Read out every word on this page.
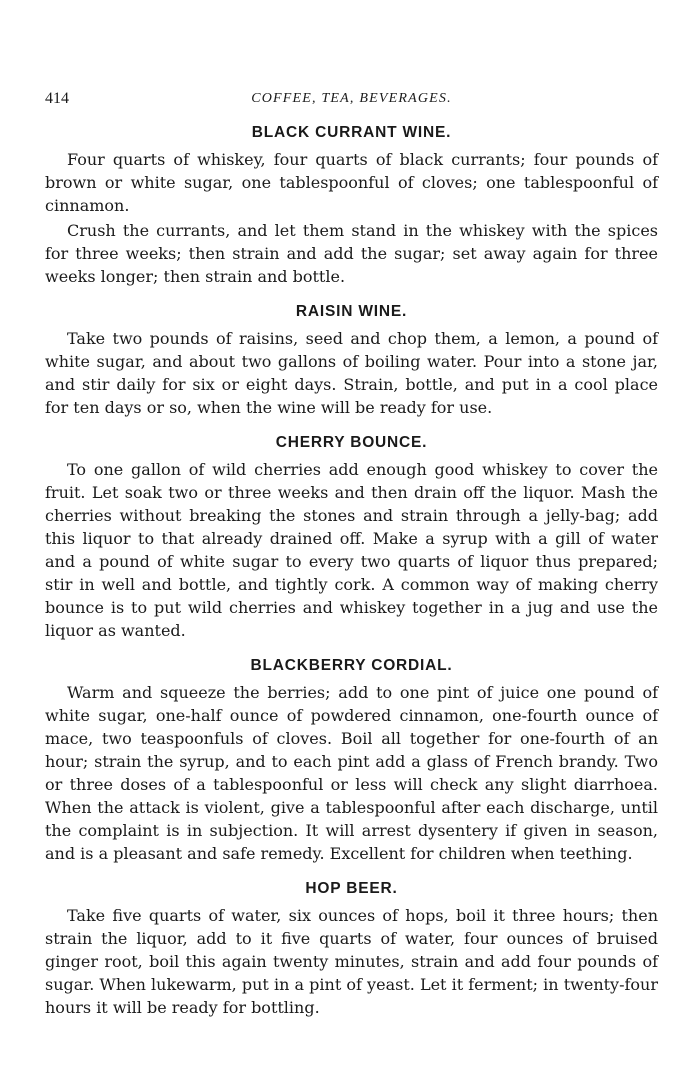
414	COFFEE, TEA, BEVERAGES.
BLACK CURRANT WINE.

Four quarts of whiskey, four quarts of black currants; four pounds of brown or white sugar, one tablespoonful of cloves; one tablespoonful of cinnamon.

Crush the currants, and let them stand in the whiskey with the spices for three weeks; then strain and add the sugar; set away again for three weeks longer; then strain and bottle.

RAISIN WINE.

Take two pounds of raisins, seed and chop them, a lemon, a pound of white sugar, and about two gallons of boiling water. Pour into a stone jar, and stir daily for six or eight days. Strain, bottle, and put in a cool place for ten days or so, when the wine will be ready for use.

CHERRY BOUNCE.

To one gallon of wild cherries add enough good whiskey to cover the fruit. Let soak two or three weeks and then drain off the liquor. Mash the cherries without breaking the stones and strain through a jelly-bag; add this liquor to that already drained off. Make a syrup with a gill of water and a pound of white sugar to every two quarts of liquor thus prepared; stir in well and bottle, and tightly cork. A common way of making cherry bounce is to put wild cherries and whiskey together in a jug and use the liquor as wanted.

BLACKBERRY CORDIAL.

Warm and squeeze the berries; add to one pint of juice one pound of white sugar, one-half ounce of powdered cinnamon, one-fourth ounce of mace, two teaspoonfuls of cloves. Boil all together for one-fourth of an hour; strain the syrup, and to each pint add a glass of French brandy. Two or three doses of a tablespoonful or less will check any slight diarrhoea. When the attack is violent, give a tablespoonful after each discharge, until the complaint is in subjection. It will arrest dysentery if given in season, and is a pleasant and safe remedy. Excellent for children when teething.

HOP BEER.

Take five quarts of water, six ounces of hops, boil it three hours; then strain the liquor, add to it five quarts of water, four ounces of bruised ginger root, boil this again twenty minutes, strain and add four pounds of sugar. When lukewarm, put in a pint of yeast. Let it ferment; in twenty-four hours it will be ready for bottling.
